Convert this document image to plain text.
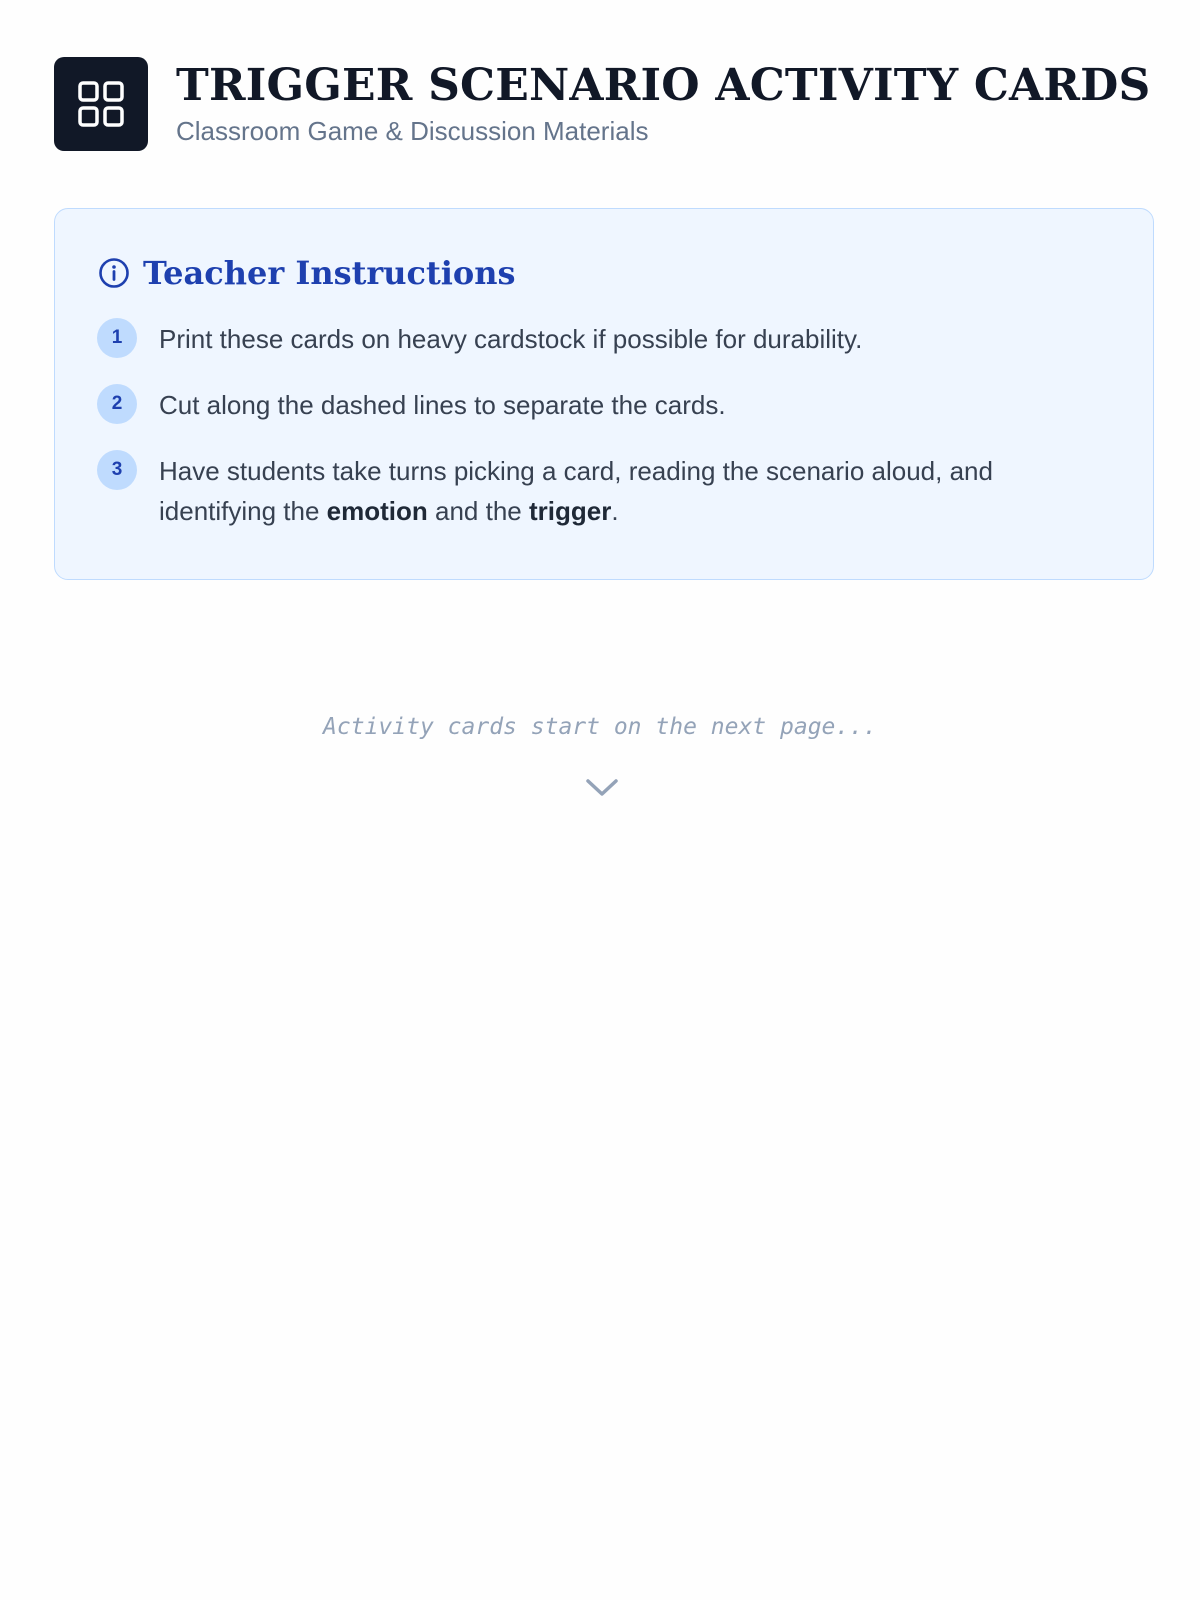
TRIGGER SCENARIO ACTIVITY CARDS
Classroom Game & Discussion Materials
Teacher Instructions
1	Print these cards on heavy cardstock if possible for durability.
2	Cut along the dashed lines to separate the cards.
3	Have students take turns picking a card, reading the scenario aloud, and identifying the emotion and the trigger.
Activity cards start on the next page...
